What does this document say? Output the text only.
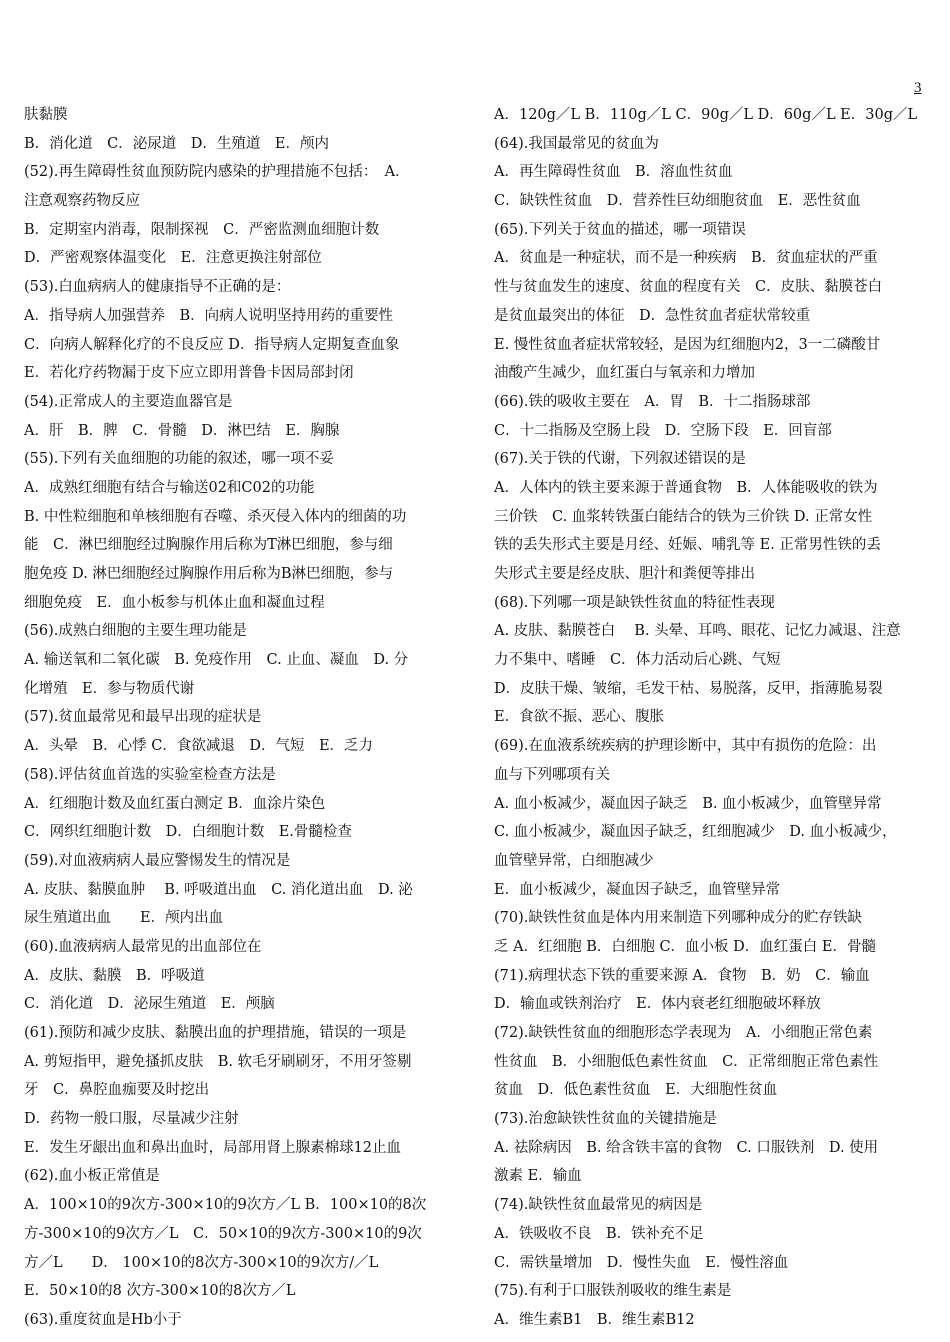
3
肤黏膜
B．消化道　C．泌尿道　D．生殖道　E．颅内
(52).再生障碍性贫血预防院内感染的护理措施不包括：　A．
注意观察药物反应
B．定期室内消毒，限制探视　C．严密监测血细胞计数
D．严密观察体温变化　E．注意更换注射部位
(53).白血病病人的健康指导不正确的是：
A．指导病人加强营养　B．向病人说明坚持用药的重要性
C．向病人解释化疗的不良反应 D．指导病人定期复查血象
E．若化疗药物漏于皮下应立即用普鲁卡因局部封闭
(54).正常成人的主要造血器官是
A．肝　B．脾　C．骨髓　D．淋巴结　E．胸腺
(55).下列有关血细胞的功能的叙述，哪一项不妥
A．成熟红细胞有结合与输送02和C02的功能
B. 中性粒细胞和单核细胞有吞噬、杀灭侵入体内的细菌的功
能　C．淋巴细胞经过胸腺作用后称为T淋巴细胞，参与细
胞免疫 D. 淋巴细胞经过胸腺作用后称为B淋巴细胞，参与
细胞免疫　E．血小板参与机体止血和凝血过程
(56).成熟白细胞的主要生理功能是
A. 输送氧和二氧化碳　B. 免疫作用　C. 止血、凝血　D. 分
化增殖　E．参与物质代谢
(57).贫血最常见和最早出现的症状是
A．头晕　B．心悸 C．食欲减退　D．气短　E．乏力
(58).评估贫血首选的实验室检查方法是
A．红细胞计数及血红蛋白测定 B．血涂片染色
C．网织红细胞计数　D．白细胞计数　E.骨髓检查
(59).对血液病病人最应警惕发生的情况是
A. 皮肤、黏膜血肿　 B. 呼吸道出血　C. 消化道出血　D. 泌
尿生殖道出血　　E．颅内出血
(60).血液病病人最常见的出血部位在
A．皮肤、黏膜　B．呼吸道
C．消化道　D．泌尿生殖道　E．颅脑
(61).预防和减少皮肤、黏膜出血的护理措施，错误的一项是
A. 剪短指甲，避免搔抓皮肤　B. 软毛牙刷刷牙，不用牙签剔
牙　C．鼻腔血痂要及时挖出
D．药物一般口服，尽量减少注射
E．发生牙龈出血和鼻出血时，局部用肾上腺素棉球12止血
(62).血小板正常值是
A．100×10的9次方-300×10的9次方／L B．100×10的8次
方-300×10的9次方／L　C．50×10的9次方-300×10的9次
方／L　　D． 100×10的8次方-300×10的9次方/／L
E．50×10的8 次方-300×10的8次方／L
(63).重度贫血是Hb小于
A．120g／L B．110g／L C．90g／L D．60g／L E．30g／L
(64).我国最常见的贫血为
A．再生障碍性贫血　B．溶血性贫血
C．缺铁性贫血　D．营养性巨幼细胞贫血　E．恶性贫血
(65).下列关于贫血的描述，哪一项错误
A．贫血是一种症状，而不是一种疾病　B．贫血症状的严重
性与贫血发生的速度、贫血的程度有关　C．皮肤、黏膜苍白
是贫血最突出的体征　D．急性贫血者症状常较重
E. 慢性贫血者症状常较轻，是因为红细胞内2，3一二磷酸甘
油酸产生减少，血红蛋白与氧亲和力增加
(66).铁的吸收主要在　A．胃　B．十二指肠球部
C．十二指肠及空肠上段　D．空肠下段　E．回盲部
(67).关于铁的代谢，下列叙述错误的是
A．人体内的铁主要来源于普通食物　B．人体能吸收的铁为
三价铁　C. 血浆转铁蛋白能结合的铁为三价铁 D. 正常女性
铁的丢失形式主要是月经、妊娠、哺乳等 E. 正常男性铁的丢
失形式主要是经皮肤、胆汁和粪便等排出
(68).下列哪一项是缺铁性贫血的特征性表现
A. 皮肤、黏膜苍白　 B. 头晕、耳鸣、眼花、记忆力减退、注意
力不集中、嗜睡　C．体力活动后心跳、气短
D．皮肤干燥、皱缩，毛发干枯、易脱落，反甲，指薄脆易裂
E．食欲不振、恶心、腹胀
(69).在血液系统疾病的护理诊断中，其中有损伤的危险：出
血与下列哪项有关
A. 血小板减少，凝血因子缺乏　B. 血小板减少，血管壁异常
C. 血小板减少，凝血因子缺乏，红细胞减少　D. 血小板减少，
血管壁异常，白细胞减少
E．血小板减少，凝血因子缺乏，血管壁异常
(70).缺铁性贫血是体内用来制造下列哪种成分的贮存铁缺
乏 A．红细胞 B．白细胞 C．血小板 D．血红蛋白 E．骨髓
(71).病理状态下铁的重要来源 A．食物　B．奶　C．输血
D．输血或铁剂治疗　E．体内衰老红细胞破坏释放
(72).缺铁性贫血的细胞形态学表现为　A．小细胞正常色素
性贫血　B．小细胞低色素性贫血　C．正常细胞正常色素性
贫血　D．低色素性贫血　E．大细胞性贫血
(73).治愈缺铁性贫血的关键措施是
A. 祛除病因　B. 给含铁丰富的食物　C. 口服铁剂　D. 使用
激素 E．输血
(74).缺铁性贫血最常见的病因是
A．铁吸收不良　B．铁补充不足
C．需铁量增加　D．慢性失血　E．慢性溶血
(75).有利于口服铁剂吸收的维生素是
A．维生素B1　B．维生素B12
